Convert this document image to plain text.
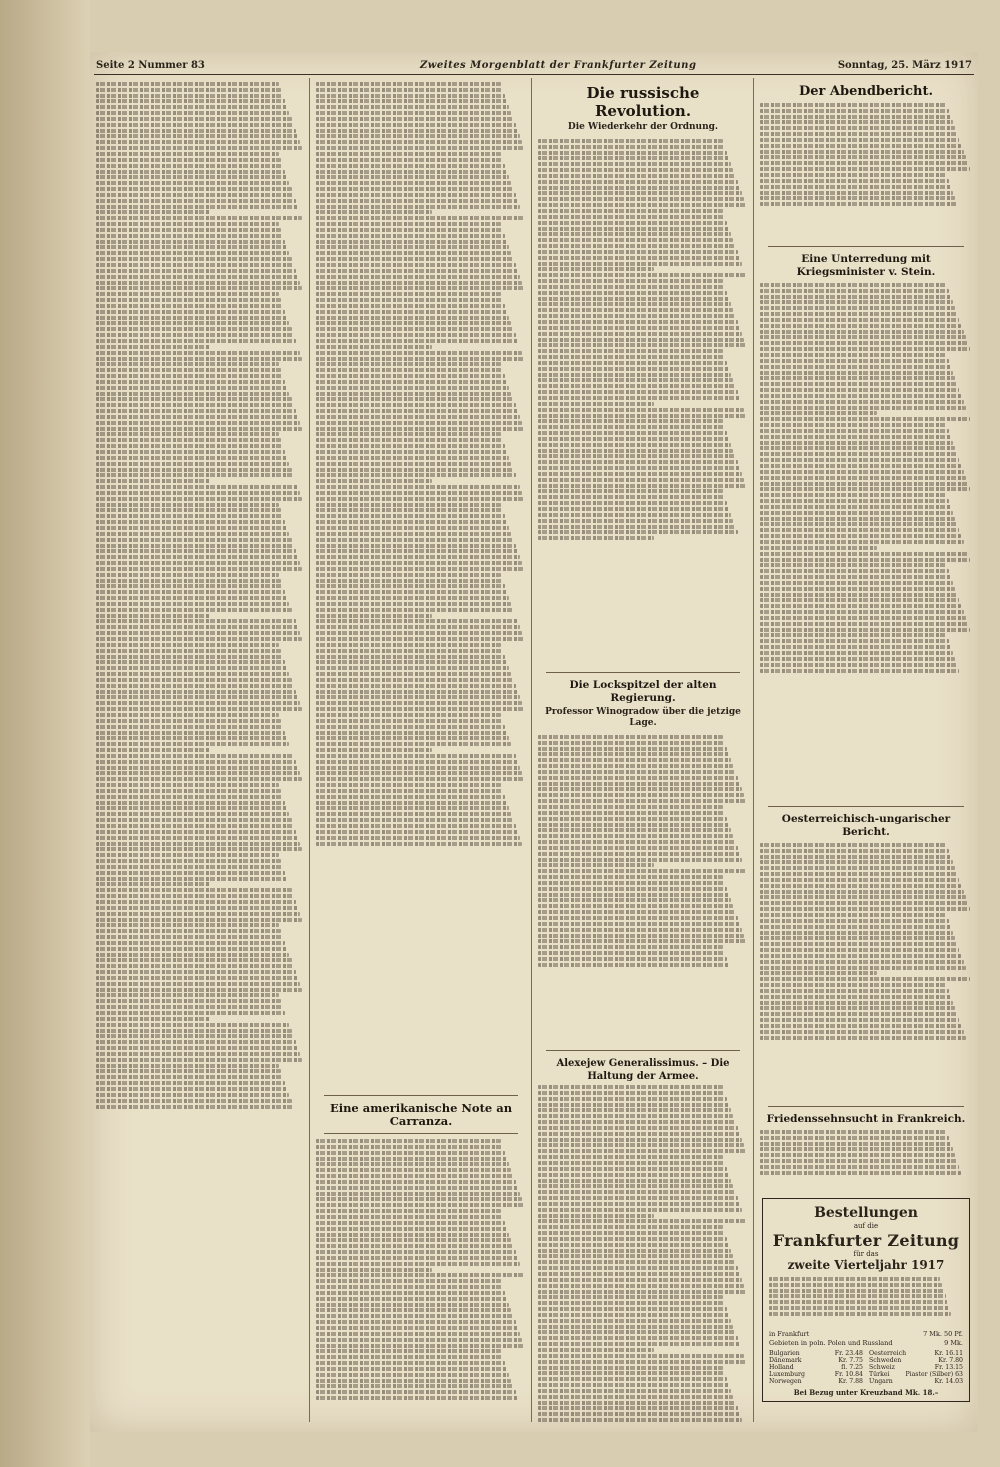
Seite 2 Nummer 83	Zweites Morgenblatt der Frankfurter Zeitung	Sonntag, 25. März 1917
Eine amerikanische Note an Carranza.
Die russische Revolution.
Die Wiederkehr der Ordnung.
Die Lockspitzel der alten Regierung.
Professor Winogradow über die jetzige Lage.
Alexejew Generalissimus. – Die Haltung der Armee.
Der Abendbericht.
Eine Unterredung mit Kriegsminister v. Stein.
Oesterreichisch-ungarischer Bericht.
Friedenssehnsucht in Frankreich.
Bestellungen
auf die
Frankfurter Zeitung
für das
zweite Vierteljahr 1917
in Frankfurt	7 Mk. 50 Pf.
Gebieten in poln. Polen und Russland	9 Mk.
Bulgarien	Fr. 23.48 Oesterreich	Kr. 16.11
Dänemark	Kr. 7.75 Schweden	Kr. 7.80
Holland	fl. 7.25 Schweiz	Fr. 13.15
Luxemburg	Fr. 10.84 Türkei	Piaster (Silber) 63
Norwegen	Kr. 7.88 Ungarn	Kr. 14.03
Bei Bezug unter Kreuzband Mk. 18.–
